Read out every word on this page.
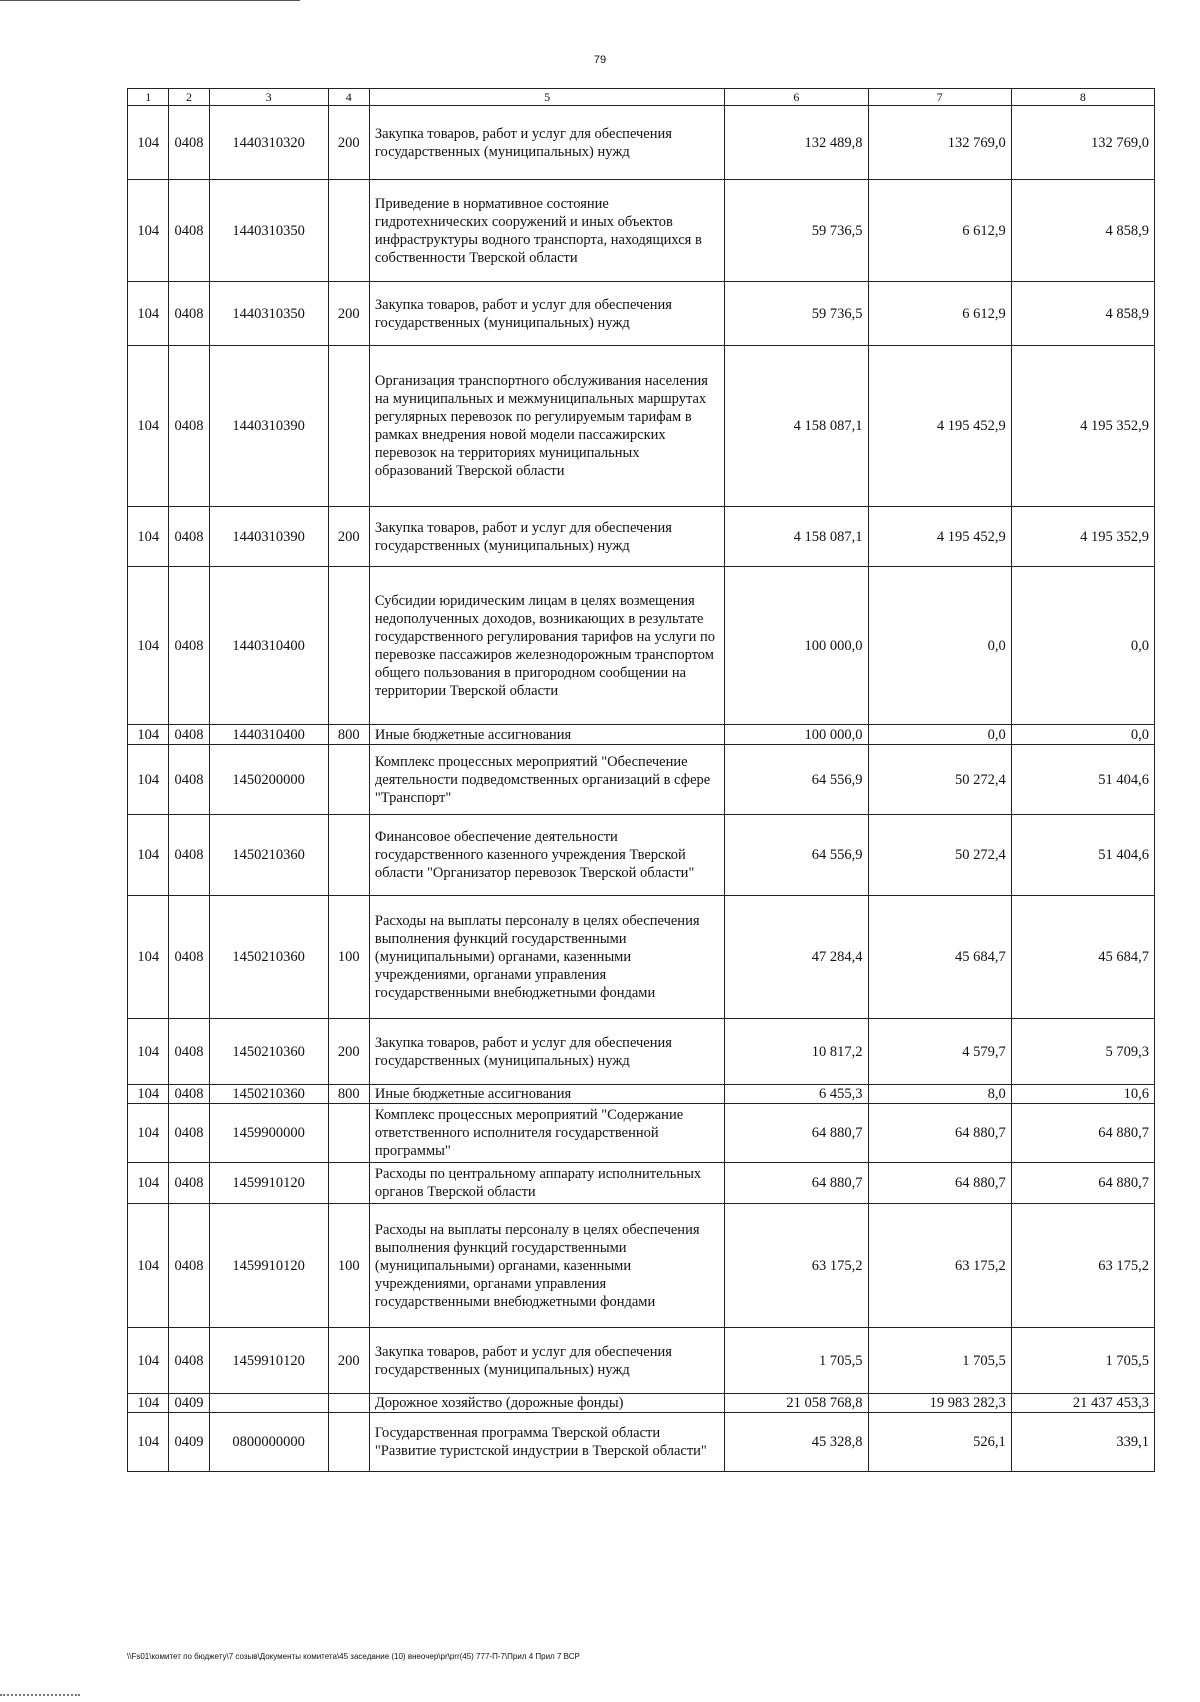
79
1	2	3	4	5	6	7	8
104	0408	1440310320	200	Закупка товаров, работ и услуг для обеспечения государственных (муниципальных) нужд	132 489,8	132 769,0	132 769,0
104	0408	1440310350		Приведение в нормативное состояние гидротехнических сооружений и иных объектов инфраструктуры водного транспорта, находящихся в собственности Тверской области	59 736,5	6 612,9	4 858,9
104	0408	1440310350	200	Закупка товаров, работ и услуг для обеспечения государственных (муниципальных) нужд	59 736,5	6 612,9	4 858,9
104	0408	1440310390		Организация транспортного обслуживания населения на муниципальных и межмуниципальных маршрутах регулярных перевозок по регулируемым тарифам в рамках внедрения новой модели пассажирских перевозок на территориях муниципальных образований Тверской области	4 158 087,1	4 195 452,9	4 195 352,9
104	0408	1440310390	200	Закупка товаров, работ и услуг для обеспечения государственных (муниципальных) нужд	4 158 087,1	4 195 452,9	4 195 352,9
104	0408	1440310400		Субсидии юридическим лицам в целях возмещения недополученных доходов, возникающих в результате государственного регулирования тарифов на услуги по перевозке пассажиров железнодорожным транспортом общего пользования в пригородном сообщении на территории Тверской области	100 000,0	0,0	0,0
104	0408	1440310400	800	Иные бюджетные ассигнования	100 000,0	0,0	0,0
104	0408	1450200000		Комплекс процессных мероприятий "Обеспечение деятельности подведомственных организаций в сфере "Транспорт"	64 556,9	50 272,4	51 404,6
104	0408	1450210360		Финансовое обеспечение деятельности государственного казенного учреждения Тверской области "Организатор перевозок Тверской области"	64 556,9	50 272,4	51 404,6
104	0408	1450210360	100	Расходы на выплаты персоналу в целях обеспечения выполнения функций государственными (муниципальными) органами, казенными учреждениями, органами управления государственными внебюджетными фондами	47 284,4	45 684,7	45 684,7
104	0408	1450210360	200	Закупка товаров, работ и услуг для обеспечения государственных (муниципальных) нужд	10 817,2	4 579,7	5 709,3
104	0408	1450210360	800	Иные бюджетные ассигнования	6 455,3	8,0	10,6
104	0408	1459900000		Комплекс процессных мероприятий "Содержание ответственного исполнителя государственной программы"	64 880,7	64 880,7	64 880,7
104	0408	1459910120		Расходы по центральному аппарату исполнительных органов Тверской области	64 880,7	64 880,7	64 880,7
104	0408	1459910120	100	Расходы на выплаты персоналу в целях обеспечения выполнения функций государственными (муниципальными) органами, казенными учреждениями, органами управления государственными внебюджетными фондами	63 175,2	63 175,2	63 175,2
104	0408	1459910120	200	Закупка товаров, работ и услуг для обеспечения государственных (муниципальных) нужд	1 705,5	1 705,5	1 705,5
104	0409			Дорожное хозяйство (дорожные фонды)	21 058 768,8	19 983 282,3	21 437 453,3
104	0409	0800000000		Государственная программа Тверской области "Развитие туристской индустрии в Тверской области"	45 328,8	526,1	339,1
\\Fs01\комитет по бюджету\7 созыв\Документы комитета\45 заседание (10) внеочер\pr\prr(45) 777-П-7\Прил 4 Прил 7 ВСР
